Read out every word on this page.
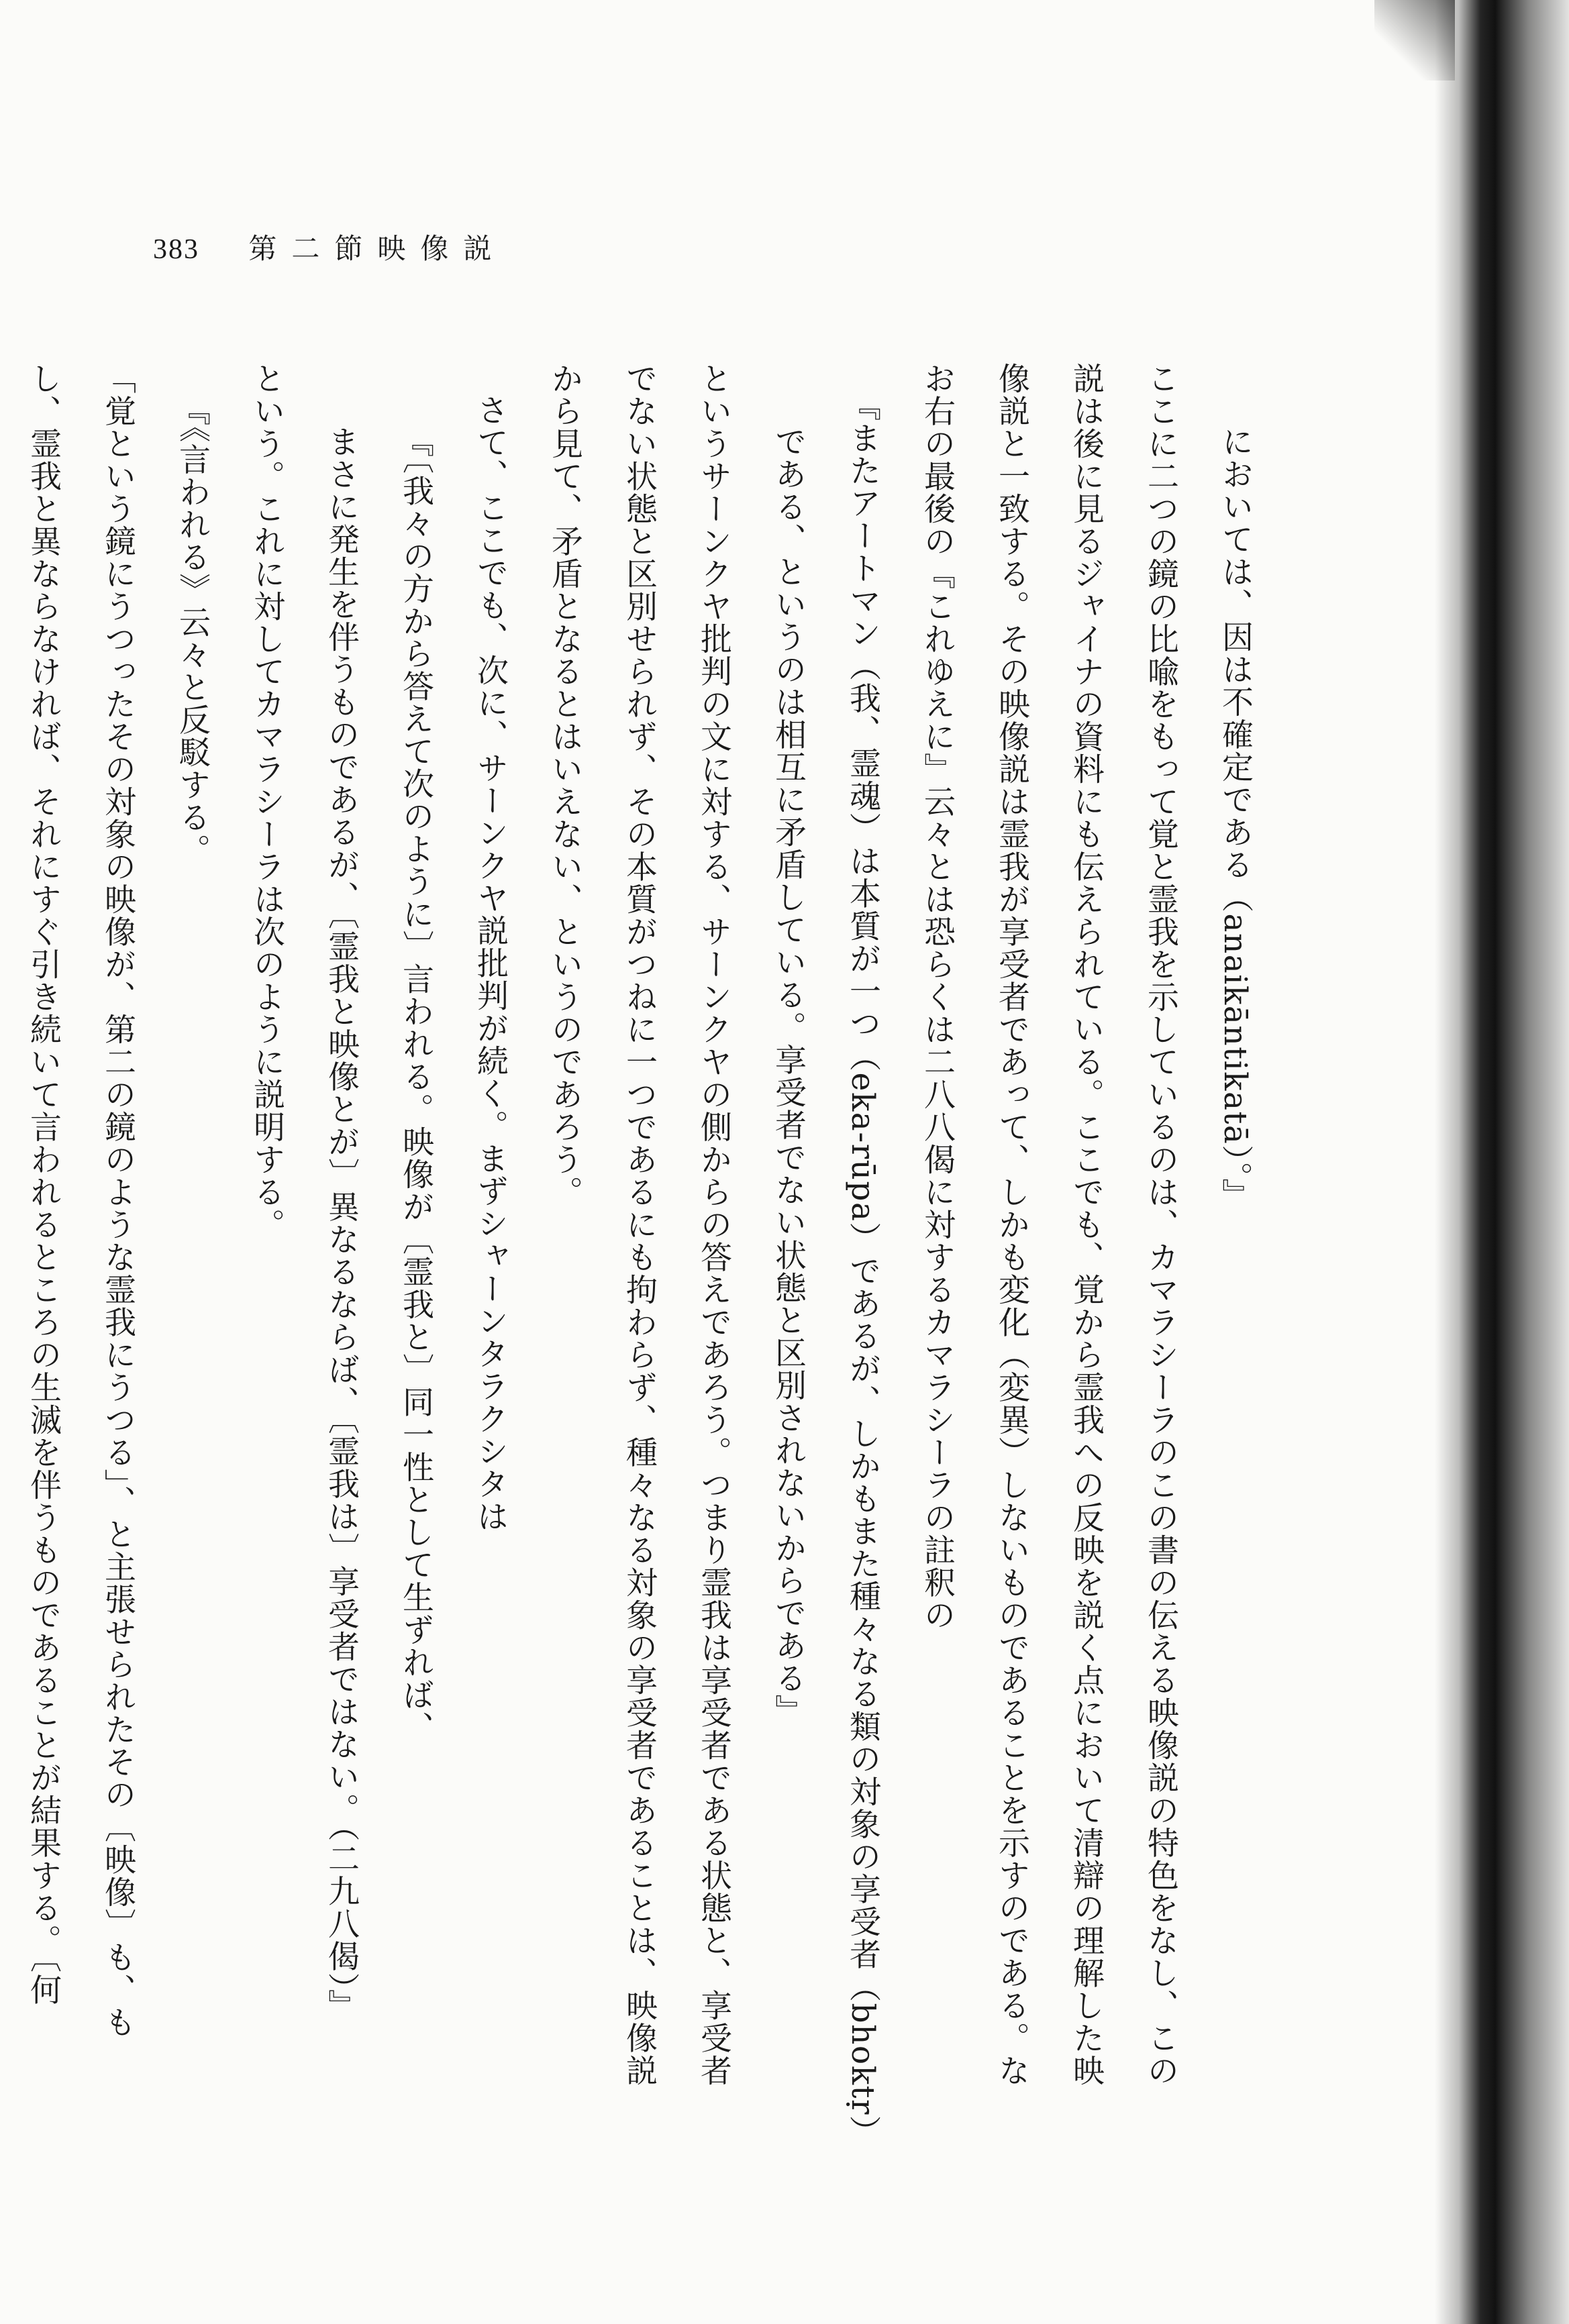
383 第二節映像説

においては、因は不確定である（anaikāntikatā）。』

ここに二つの鏡の比喩をもって覚と霊我を示しているのは、カマラシーラのこの書の伝える映像説の特色をなし、この

説は後に見るジャイナの資料にも伝えられている。ここでも、覚から霊我への反映を説く点において清辯の理解した映

像説と一致する。その映像説は霊我が享受者であって、しかも変化（変異）しないものであることを示すのである。な

お右の最後の『これゆえに』云々とは恐らくは二八八偈に対するカマラシーラの註釈の

『またアートマン（我、霊魂）は本質が一つ（eka-rūpa）であるが、しかもまた種々なる類の対象の享受者（bhoktṛ）

である、というのは相互に矛盾している。享受者でない状態と区別されないからである』

というサーンクヤ批判の文に対する、サーンクヤの側からの答えであろう。つまり霊我は享受者である状態と、享受者

でない状態と区別せられず、その本質がつねに一つであるにも拘わらず、種々なる対象の享受者であることは、映像説

から見て、矛盾となるとはいえない、というのであろう。

さて、ここでも、次に、サーンクヤ説批判が続く。まずシャーンタラクシタは

『〔我々の方から答えて次のように〕言われる。映像が〔霊我と〕同一性として生ずれば、

まさに発生を伴うものであるが、〔霊我と映像とが〕異なるならば、〔霊我は〕享受者ではない。（二九八偈）』

という。これに対してカマラシーラは次のように説明する。

『《言われる》云々と反駁する。

「覚という鏡にうつったその対象の映像が、第二の鏡のような霊我にうつる」、と主張せられたその〔映像〕も、も

し、霊我と異ならなければ、それにすぐ引き続いて言われるところの生滅を伴うものであることが結果する。〔何
